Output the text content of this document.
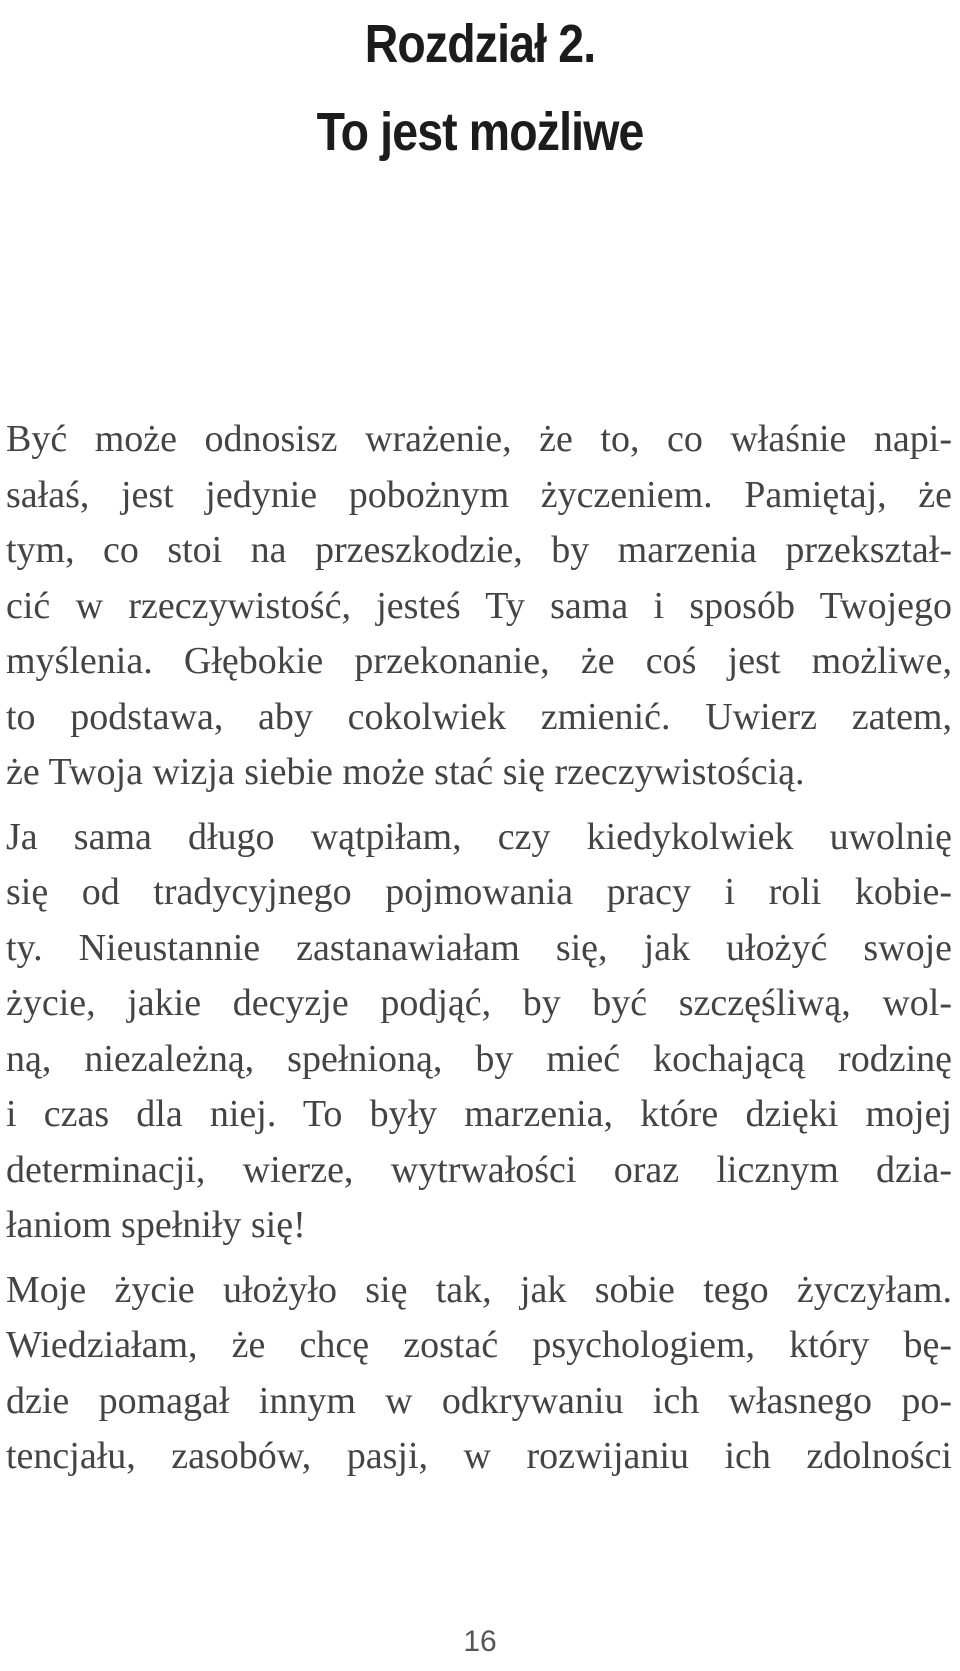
Rozdział 2.
To jest możliwe

Być może odnosisz wrażenie, że to, co właśnie napi-
sałaś, jest jedynie pobożnym życzeniem. Pamiętaj, że
tym, co stoi na przeszkodzie, by marzenia przekształ-
cić w rzeczywistość, jesteś Ty sama i sposób Twojego
myślenia. Głębokie przekonanie, że coś jest możliwe,
to podstawa, aby cokolwiek zmienić. Uwierz zatem,
że Twoja wizja siebie może stać się rzeczywistością.

Ja sama długo wątpiłam, czy kiedykolwiek uwolnię
się od tradycyjnego pojmowania pracy i roli kobie-
ty. Nieustannie zastanawiałam się, jak ułożyć swoje
życie, jakie decyzje podjąć, by być szczęśliwą, wol-
ną, niezależną, spełnioną, by mieć kochającą rodzinę
i czas dla niej. To były marzenia, które dzięki mojej
determinacji, wierze, wytrwałości oraz licznym dzia-
łaniom spełniły się!

Moje życie ułożyło się tak, jak sobie tego życzyłam.
Wiedziałam, że chcę zostać psychologiem, który bę-
dzie pomagał innym w odkrywaniu ich własnego po-
tencjału, zasobów, pasji, w rozwijaniu ich zdolności

16
